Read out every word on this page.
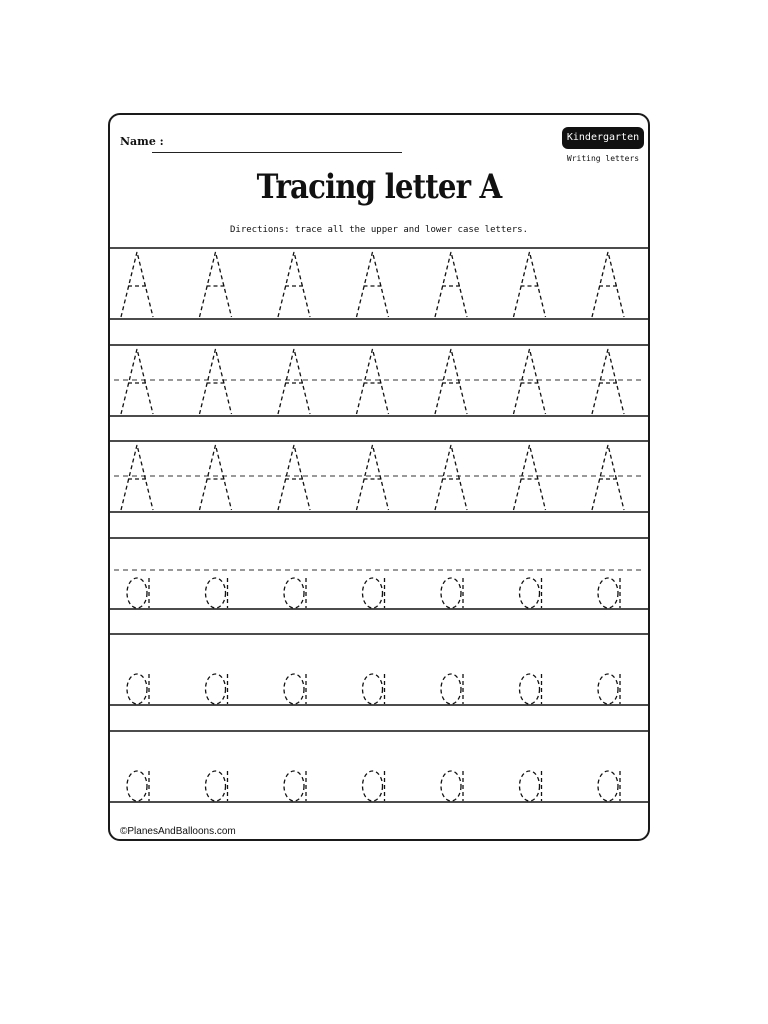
Name :	Kindergarten
Writing letters
Tracing letter A
Directions: trace all the upper and lower case letters.
©PlanesAndBalloons.com
